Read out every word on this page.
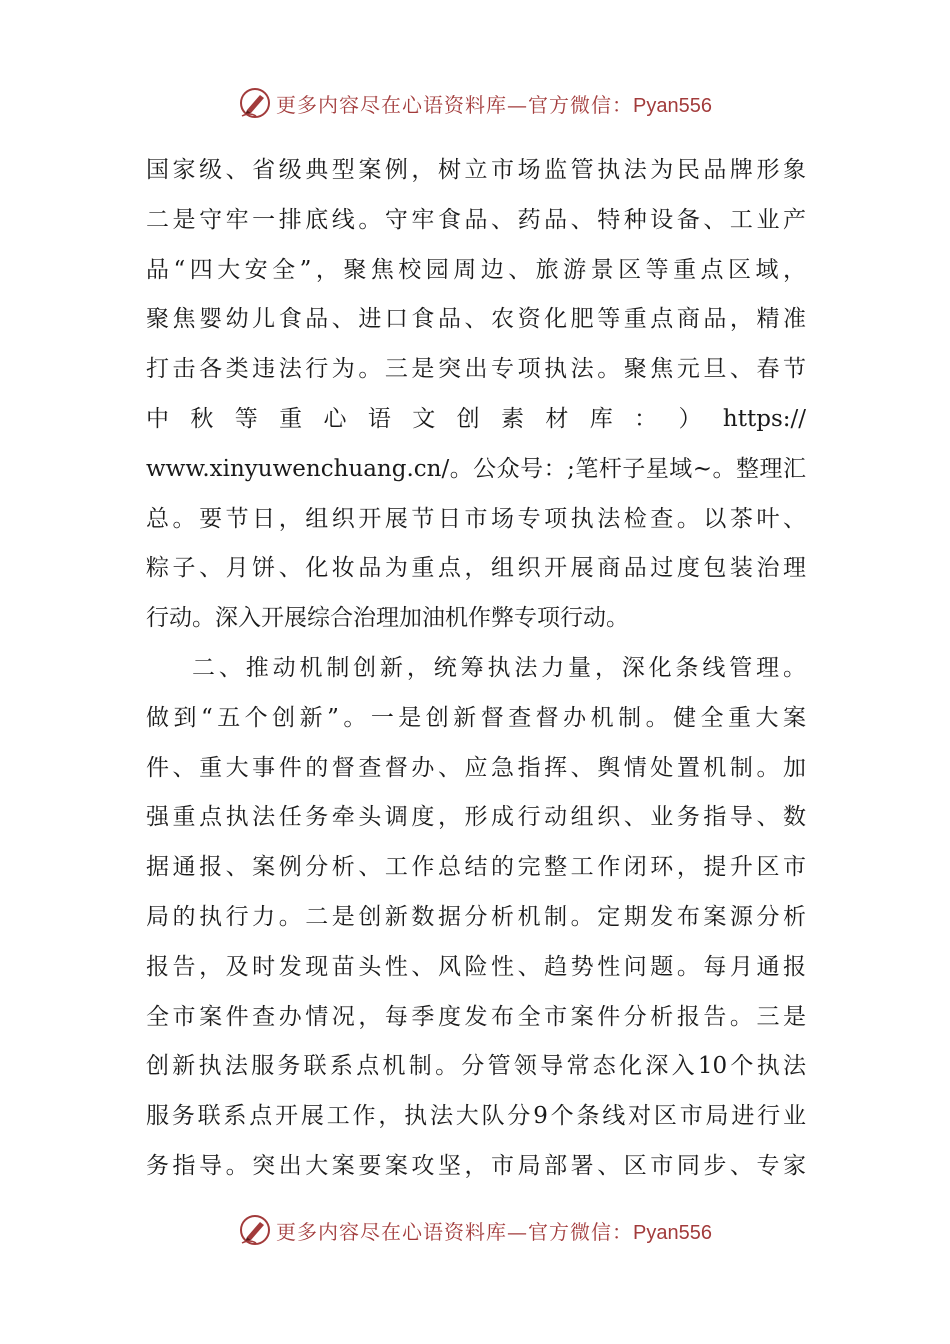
更多内容尽在心语资料库—官方微信：Pyan556
国家级、省级典型案例，树立市场监管执法为民品牌形象
二是守牢一排底线。守牢食品、药品、特种设备、工业产
品“四大安全”，聚焦校园周边、旅游景区等重点区域，
聚焦婴幼儿食品、进口食品、农资化肥等重点商品，精准
打击各类违法行为。三是突出专项执法。聚焦元旦、春节
中 秋 等 重 心 语 文 创 素 材 库 ： ） https://
www.xinyuwenchuang.cn/。公众号：;笔杆子星域~。整理汇
总。要节日，组织开展节日市场专项执法检查。以茶叶、
粽子、月饼、化妆品为重点，组织开展商品过度包装治理
行动。深入开展综合治理加油机作弊专项行动。
二、推动机制创新，统筹执法力量，深化条线管理。
做到“五个创新”。一是创新督查督办机制。健全重大案
件、重大事件的督查督办、应急指挥、舆情处置机制。加
强重点执法任务牵头调度，形成行动组织、业务指导、数
据通报、案例分析、工作总结的完整工作闭环，提升区市
局的执行力。二是创新数据分析机制。定期发布案源分析
报告，及时发现苗头性、风险性、趋势性问题。每月通报
全市案件查办情况，每季度发布全市案件分析报告。三是
创新执法服务联系点机制。分管领导常态化深入10个执法
服务联系点开展工作，执法大队分9个条线对区市局进行业
务指导。突出大案要案攻坚，市局部署、区市同步、专家
更多内容尽在心语资料库—官方微信：Pyan556
